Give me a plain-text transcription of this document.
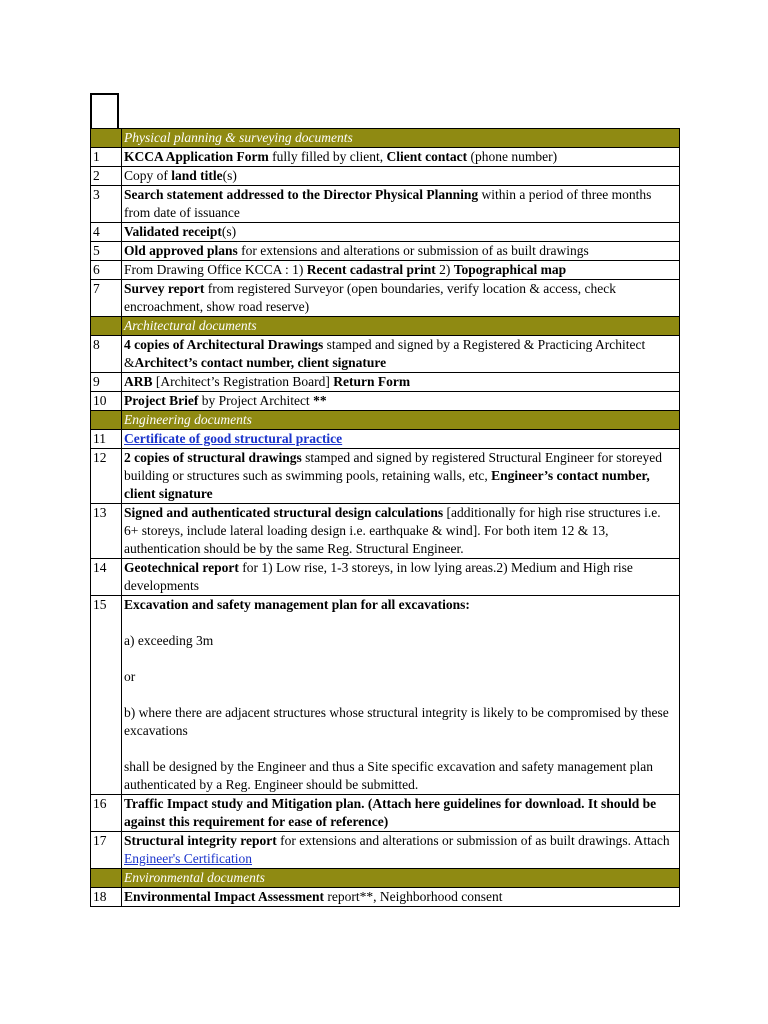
	Physical planning & surveying documents
1	KCCA Application Form fully filled by client, Client contact (phone number)
2	Copy of land title(s)
3	Search statement addressed to the Director Physical Planning within a period of three months from date of issuance
4	Validated receipt(s)
5	Old approved plans for extensions and alterations or submission of as built drawings
6	From Drawing Office KCCA : 1) Recent cadastral print 2) Topographical map
7	Survey report from registered Surveyor (open boundaries, verify location & access, check encroachment, show road reserve)
	Architectural documents
8	4 copies of Architectural Drawings stamped and signed by a Registered & Practicing Architect &Architect’s contact number, client signature
9	ARB [Architect’s Registration Board] Return Form
10	Project Brief by Project Architect **
	Engineering documents
11	Certificate of good structural practice
12	2 copies of structural drawings stamped and signed by registered Structural Engineer for storeyed building or structures such as swimming pools, retaining walls, etc, Engineer’s contact number, client signature
13	Signed and authenticated structural design calculations [additionally for high rise structures i.e. 6+ storeys, include lateral loading design i.e. earthquake & wind]. For both item 12 & 13, authentication should be by the same Reg. Structural Engineer.
14	Geotechnical report for 1) Low rise, 1-3 storeys, in low lying areas.2) Medium and High rise developments
15	Excavation and safety management plan for all excavations:
a) exceeding 3m
or
b) where there are adjacent structures whose structural integrity is likely to be compromised by these excavations
shall be designed by the Engineer and thus a Site specific excavation and safety management plan authenticated by a Reg. Engineer should be submitted.

16	Traffic Impact study and Mitigation plan. (Attach here guidelines for download. It should be against this requirement for ease of reference)
17	Structural integrity report for extensions and alterations or submission of as built drawings. Attach Engineer's Certification
	Environmental documents
18	Environmental Impact Assessment report**, Neighborhood consent
